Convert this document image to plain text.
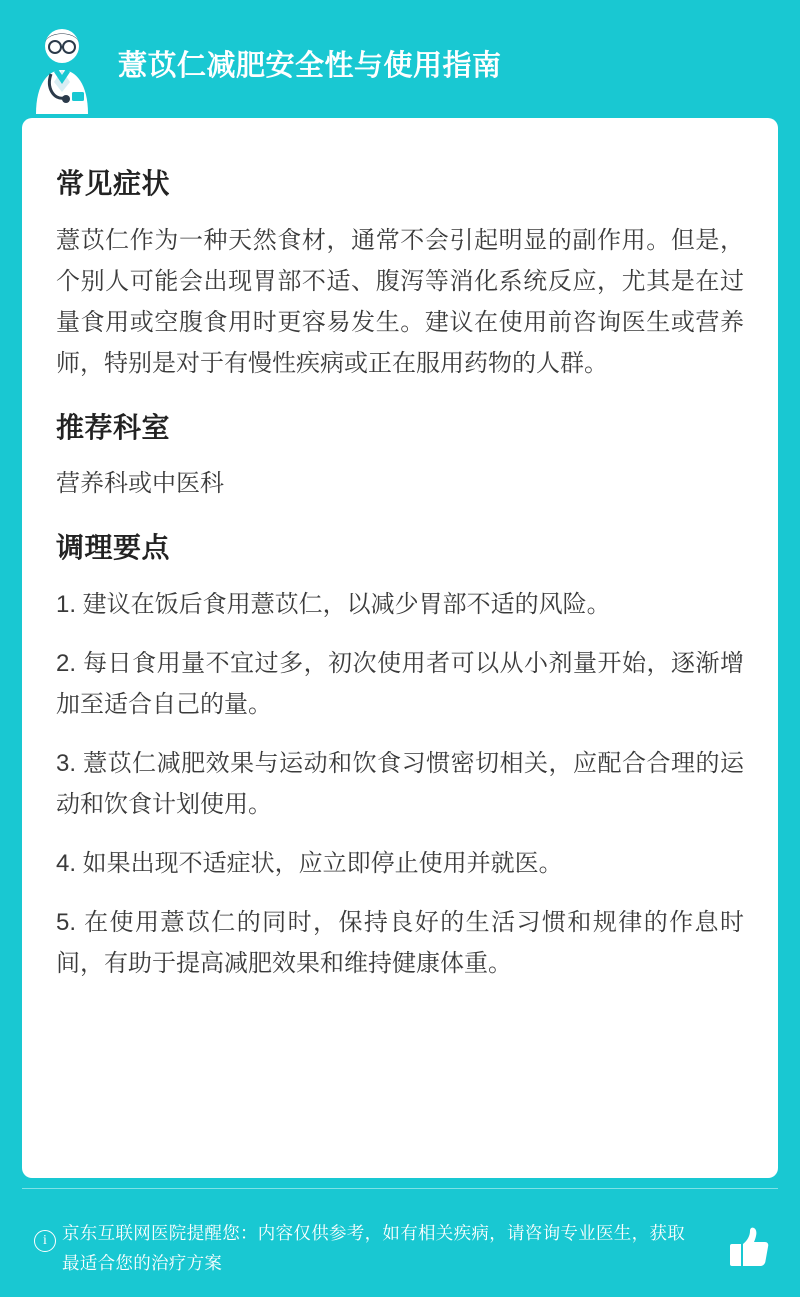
薏苡仁减肥安全性与使用指南
常见症状

薏苡仁作为一种天然食材，通常不会引起明显的副作用。但是，个别人可能会出现胃部不适、腹泻等消化系统反应，尤其是在过量食用或空腹食用时更容易发生。建议在使用前咨询医生或营养师，特别是对于有慢性疾病或正在服用药物的人群。

推荐科室

营养科或中医科

调理要点

1. 建议在饭后食用薏苡仁，以减少胃部不适的风险。

2. 每日食用量不宜过多，初次使用者可以从小剂量开始，逐渐增加至适合自己的量。

3. 薏苡仁减肥效果与运动和饮食习惯密切相关，应配合合理的运动和饮食计划使用。

4. 如果出现不适症状，应立即停止使用并就医。

5. 在使用薏苡仁的同时，保持良好的生活习惯和规律的作息时间，有助于提高减肥效果和维持健康体重。

i 京东互联网医院提醒您：内容仅供参考，如有相关疾病，请咨询专业医生，获取最适合您的治疗方案
